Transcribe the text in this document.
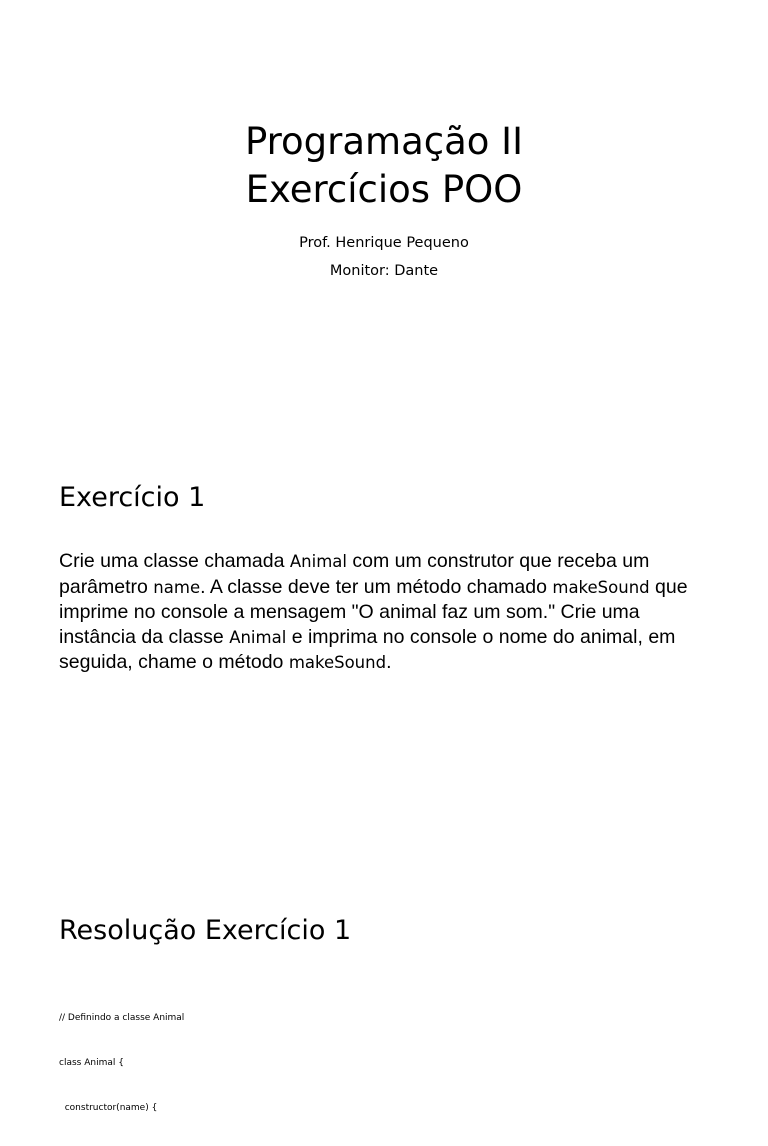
Programação II
Exercícios POO
Prof. Henrique Pequeno
Monitor: Dante
Exercício 1
Crie uma classe chamada Animal com um construtor que receba um parâmetro name. A classe deve ter um método chamado makeSound que imprime no console a mensagem "O animal faz um som." Crie uma instância da classe Animal e imprima no console o nome do animal, em seguida, chame o método makeSound.
Resolução Exercício 1

// Definindo a classe Animal

class Animal {

constructor(name) {
